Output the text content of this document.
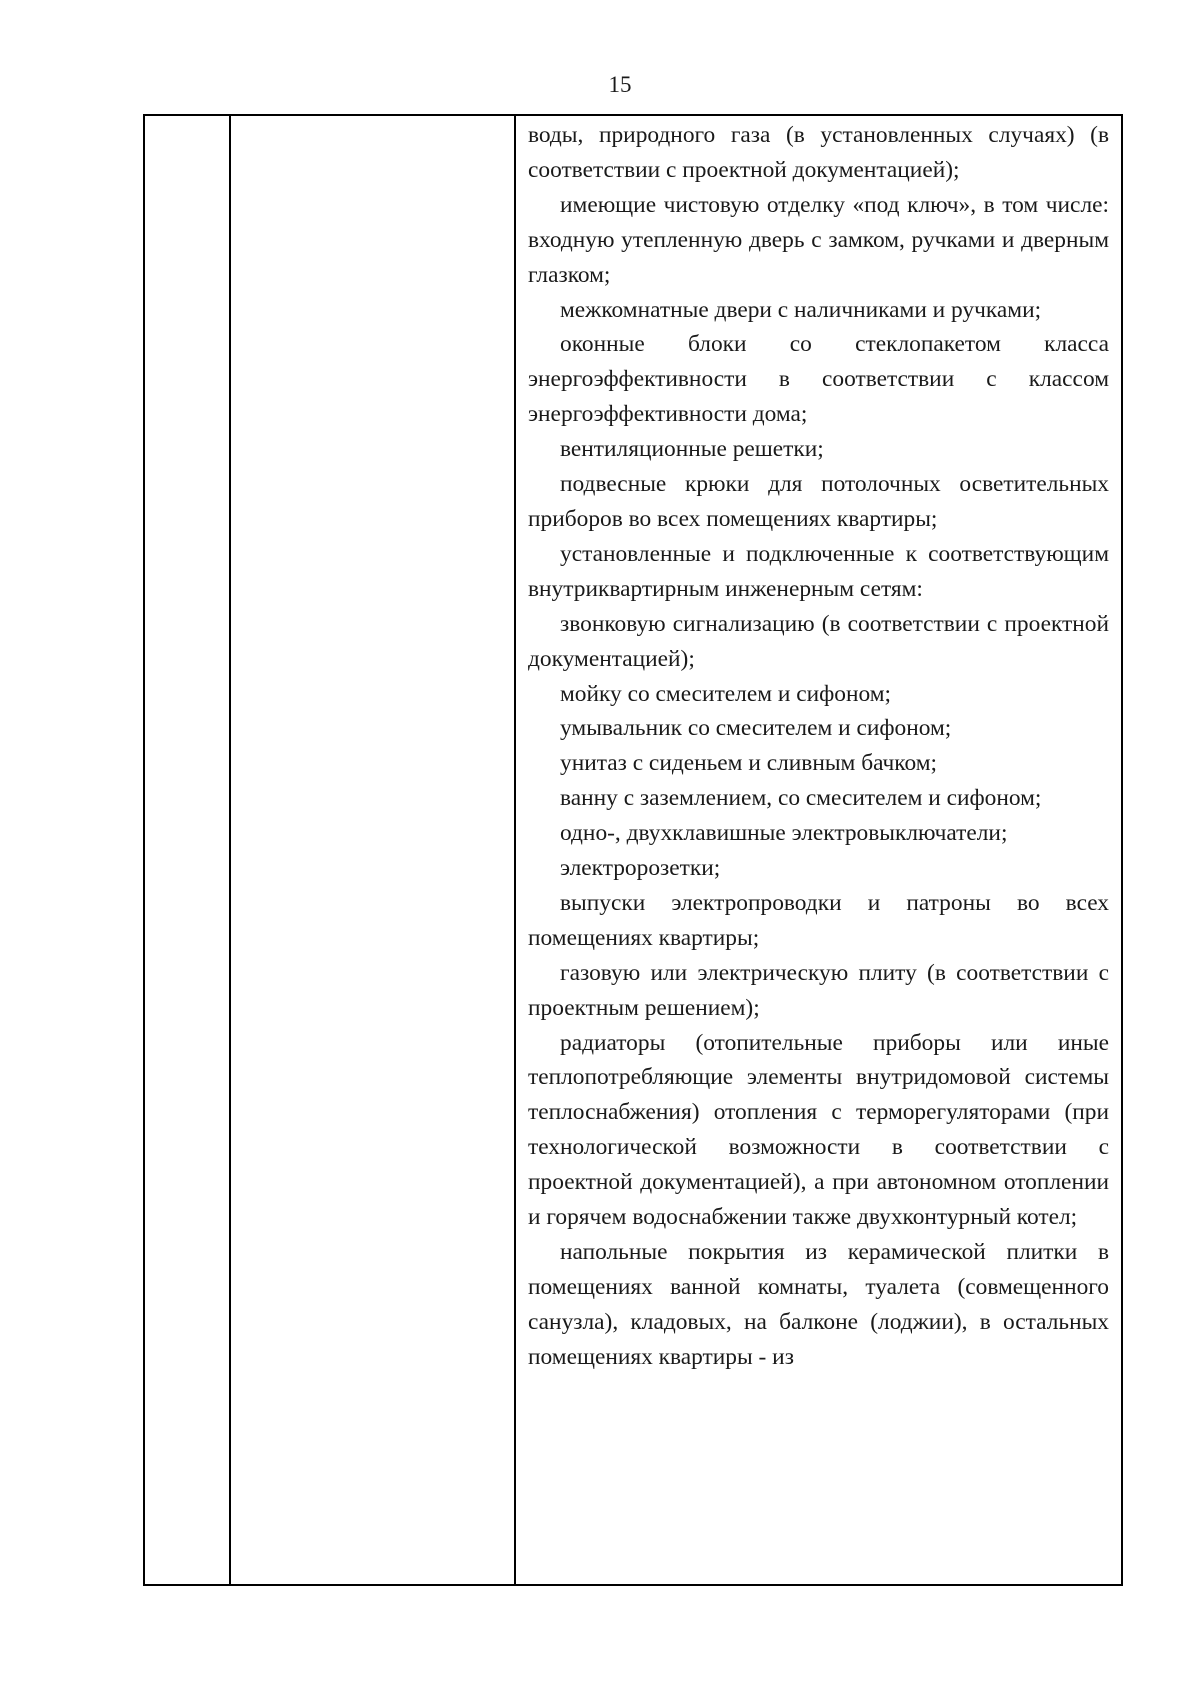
15

воды, природного газа (в установленных случаях) (в соответствии с проектной документацией);

имеющие чистовую отделку «под ключ», в том числе: входную утепленную дверь с замком, ручками и дверным глазком;

межкомнатные двери с наличниками и ручками;

оконные блоки со стеклопакетом класса энергоэффективности в соответствии с классом энергоэффективности дома;

вентиляционные решетки;

подвесные крюки для потолочных осветительных приборов во всех помещениях квартиры;

установленные и подключенные к соответствующим внутриквартирным инженерным сетям:

звонковую сигнализацию (в соответствии с проектной документацией);

мойку со смесителем и сифоном;

умывальник со смесителем и сифоном;

унитаз с сиденьем и сливным бачком;

ванну с заземлением, со смесителем и сифоном;

одно-, двухклавишные электровыключатели;

электророзетки;

выпуски электропроводки и патроны во всех помещениях квартиры;

газовую или электрическую плиту (в соответствии с проектным решением);

радиаторы (отопительные приборы или иные теплопотребляющие элементы внутридомовой системы теплоснабжения) отопления с терморегуляторами (при технологической возможности в соответствии с проектной документацией), а при автономном отоплении и горячем водоснабжении также двухконтурный котел;

напольные покрытия из керамической плитки в помещениях ванной комнаты, туалета (совмещенного санузла), кладовых, на балконе (лоджии), в остальных помещениях квартиры - из
